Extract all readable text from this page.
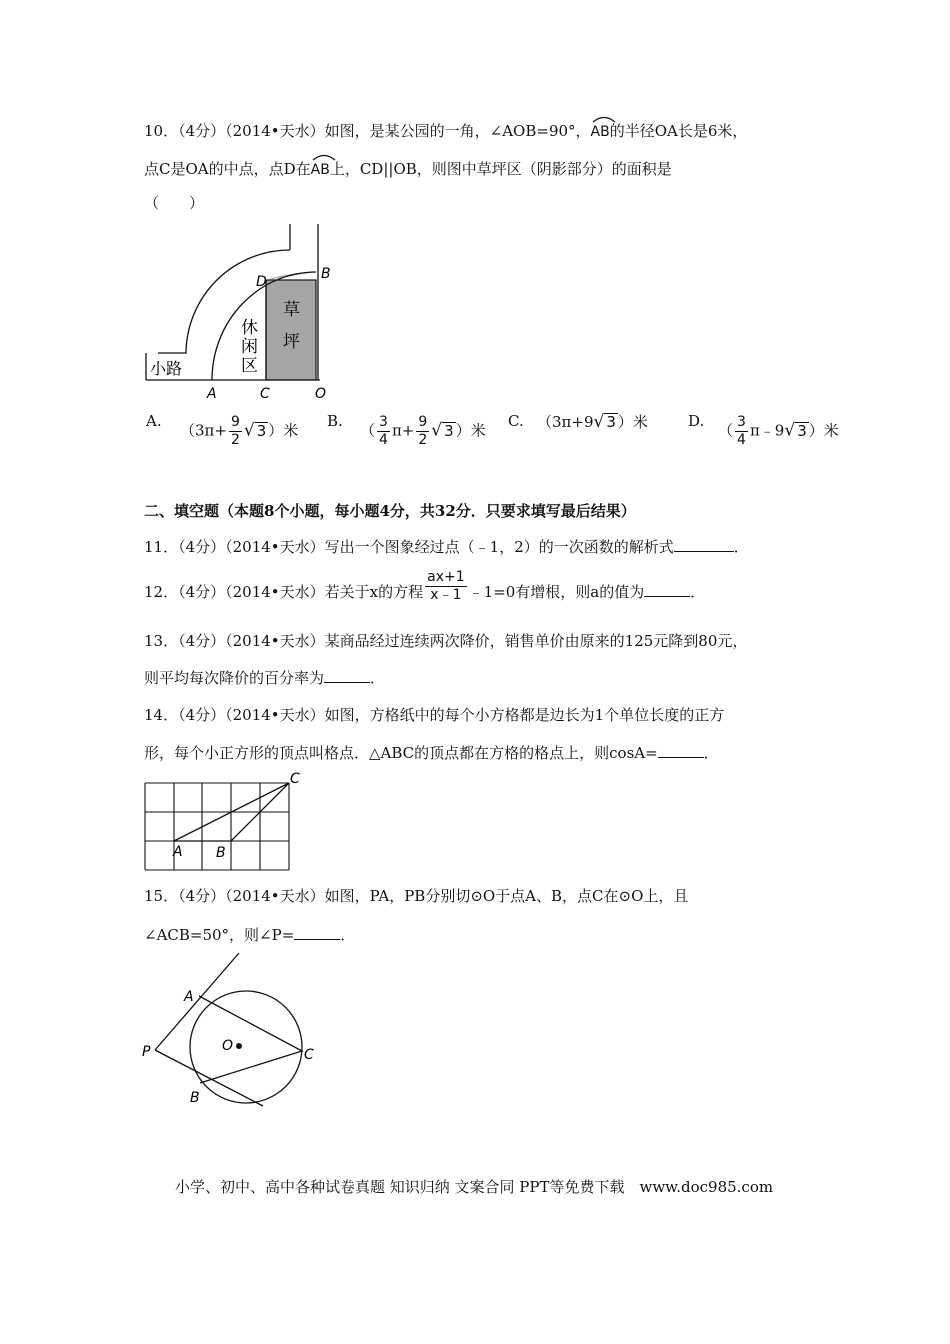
10．（4分）（2014•天水）如图，是某公园的一角，∠AOB=90°，
AB的半径OA长是6米，
点C是OA的中点，点D在
AB上，CD||OB，则图中草坪区（阴影部分）的面积是
（　　）
B
D
A	C	O
草
坪
休
闲
区
小路
A.
（$3\pi+ \frac{9}{2}$ √ 3 ）米
B.
（ $\frac{3}{4} \pi+ \frac{9}{2}$ √ 3 ）米
C. （3π+9√ 3 ）米	D.
（ $\frac{3}{4}$ π﹣9√ 3 ）米
二、填空题（本题8个小题，每小题4分，共32分．只要求填写最后结果）
11．（4分）（2014•天水）写出一个图象经过点（﹣1，2）的一次函数的解析式	．
12．（4分）（2014•天水）若关于x的方程 $\frac{ax+1}{x﹣1}$ ﹣1=0有增根，则a的值为	．
13．（4分）（2014•天水）某商品经过连续两次降价，销售单价由原来的125元降到80元，
则平均每次降价的百分率为	．
14．（4分）（2014•天水）如图，方格纸中的每个小方格都是边长为1个单位长度的正方
形，每个小正方形的顶点叫格点．△ABC的顶点都在方格的格点上，则cosA=	．
A B
C
15．（4分）（2014•天水）如图，PA，PB分别切⊙O于点A、B，点C在⊙O上，且
∠ACB=50°，则∠P=	．
A
P	O
C
B
小学、初中、高中各种试卷真题 知识归纳 文案合同 PPT等免费下载　www.doc985.com
